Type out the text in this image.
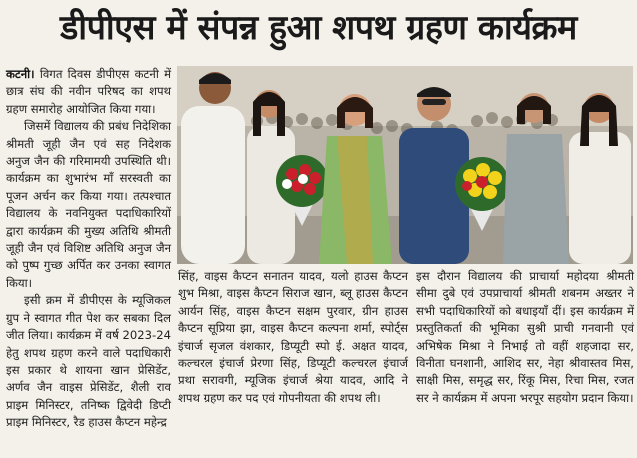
डीपीएस में संपन्न हुआ शपथ ग्रहण कार्यक्रम

कटनी। विगत दिवस डीपीएस कटनी में छात्र संघ की नवीन परिषद का शपथ ग्रहण समारोह आयोजित किया गया।

जिसमें विद्यालय की प्रबंध निदेशिका श्रीमती जूही जैन एवं सह निदेशक अनुज जैन की गरिमामयी उपस्थिति थी। कार्यक्रम का शुभारंभ माँ सरस्वती का पूजन अर्चन कर किया गया। तत्पश्चात विद्यालय के नवनियुक्त पदाधिकारियों द्वारा कार्यक्रम की मुख्य अतिथि श्रीमती जूही जैन एवं विशिष्ट अतिथि अनुज जैन को पुष्प गुच्छ अर्पित कर उनका स्वागत किया।

इसी क्रम में डीपीएस के म्यूजिकल ग्रुप ने स्वागत गीत पेश कर सबका दिल जीत लिया। कार्यक्रम में वर्ष 2023-24 हेतु शपथ ग्रहण करने वाले पदाधिकारी इस प्रकार थे शायना खान प्रेसिडेंट, अर्णव जैन वाइस प्रेसिडेंट, शैली राव प्राइम मिनिस्टर, तनिष्क द्विवेदी डिप्टी प्राइम मिनिस्टर, रैड हाउस कैप्टन महेन्द्र

सिंह, वाइस कैप्टन सनातन यादव, यलो हाउस कैप्टन शुभ मिश्रा, वाइस कैप्टन सिराज खान, ब्लू हाउस कैप्टन आर्यन सिंह, वाइस कैप्टन सक्षम पुरवार, ग्रीन हाउस कैप्टन सूप्रिया झा, वाइस कैप्टन कल्पना शर्मा, स्पोर्ट्स इंचार्ज सृजल वंशकार, डिप्यूटी स्पो ई. अक्षत यादव, कल्चरल इंचार्ज प्रेरणा सिंह, डिप्यूटी कल्चरल इंचार्ज प्रथा सरावगी, म्यूजिक इंचार्ज श्रेया यादव, आदि ने शपथ ग्रहण कर पद एवं गोपनीयता की शपथ ली।

इस दौरान विद्यालय की प्राचार्या महोदया श्रीमती सीमा दुबे एवं उपप्राचार्या श्रीमती शबनम अख्तर ने सभी पदाधिकारियों को बधाइयाँ दीं। इस कार्यक्रम में प्रस्तुतिकर्ता की भूमिका सुश्री प्राची गनवानी एवं अभिषेक मिश्रा ने निभाई तो वहीं शहजादा सर, विनीता घनशानी, आशिद सर, नेहा श्रीवास्तव मिस, साक्षी मिस, समृद्ध सर, रिंकू मिस, रिचा मिस, रजत सर ने कार्यक्रम में अपना भरपूर सहयोग प्रदान किया।
